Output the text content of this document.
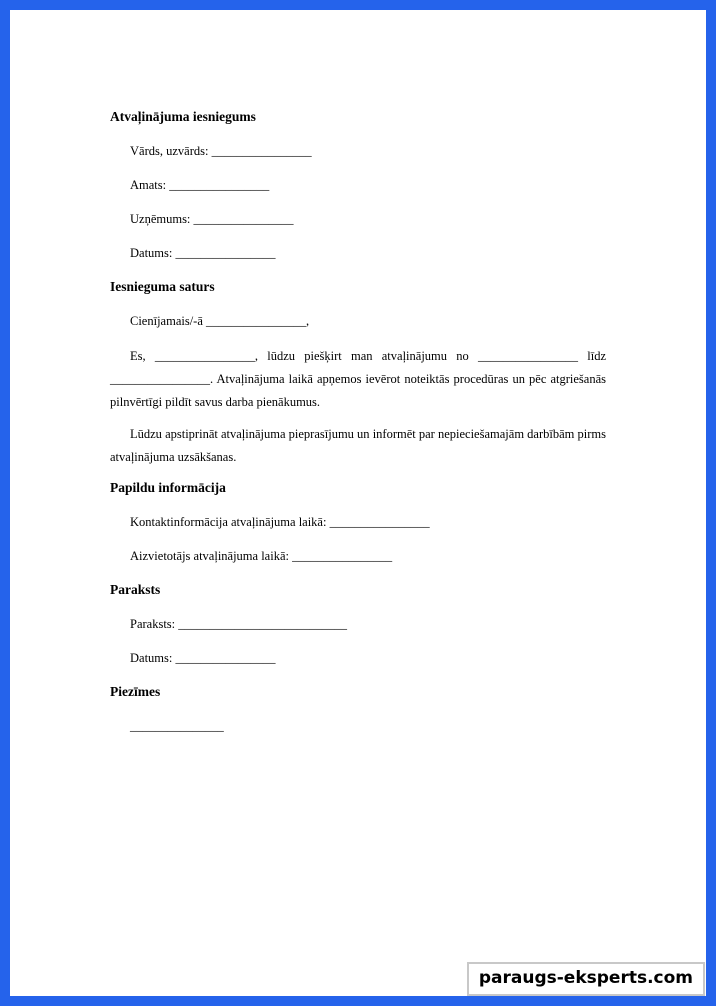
Atvaļinājuma iesniegums

Vārds, uzvārds: ________________

Amats: ________________

Uzņēmums: ________________

Datums: ________________

Iesnieguma saturs

Cienījamais/-ā ________________,

Es, ________________, lūdzu piešķirt man atvaļinājumu no ________________ līdz ________________. Atvaļinājuma laikā apņemos ievērot noteiktās procedūras un pēc atgriešanās pilnvērtīgi pildīt savus darba pienākumus.

Lūdzu apstiprināt atvaļinājuma pieprasījumu un informēt par nepieciešamajām darbībām pirms atvaļinājuma uzsākšanas.

Papildu informācija

Kontaktinformācija atvaļinājuma laikā: ________________

Aizvietotājs atvaļinājuma laikā: ________________

Paraksts

Paraksts: ___________________________

Datums: ________________

Piezīmes

_______________

paraugs-eksperts.com
